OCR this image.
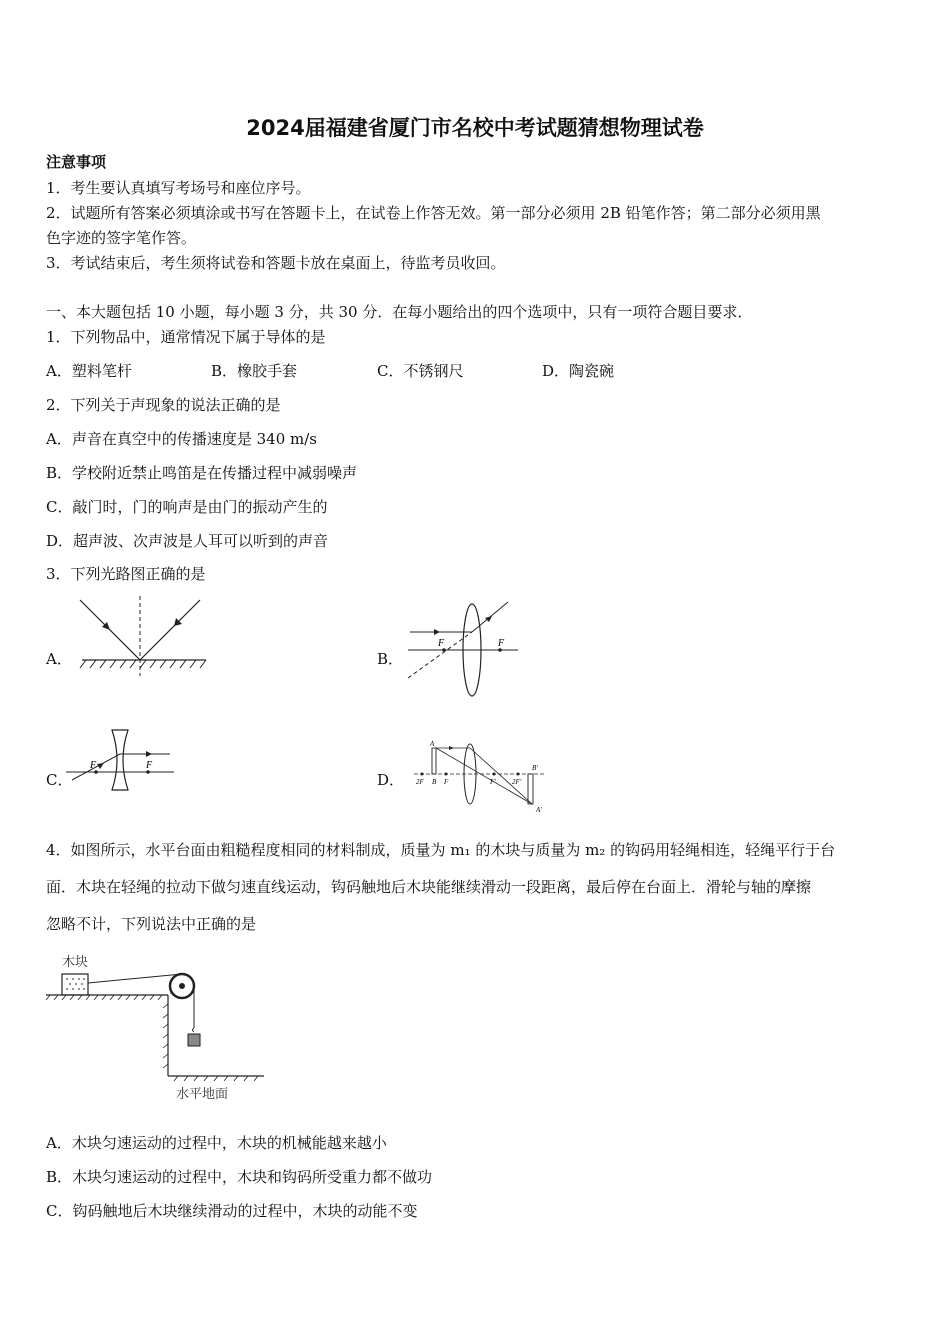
2024届福建省厦门市名校中考试题猜想物理试卷
注意事项
1．考生要认真填写考场号和座位序号。
2．试题所有答案必须填涂或书写在答题卡上，在试卷上作答无效。第一部分必须用 2B 铅笔作答；第二部分必须用黑
色字迹的签字笔作答。
3．考试结束后，考生须将试卷和答题卡放在桌面上，待监考员收回。
一、本大题包括 10 小题，每小题 3 分，共 30 分．在每小题给出的四个选项中，只有一项符合题目要求．
1．下列物品中，通常情况下属于导体的是
A．塑料笔杆	B．橡胶手套	C．不锈钢尺	D．陶瓷碗
2．下列关于声现象的说法正确的是
A．声音在真空中的传播速度是 340 m/s
B．学校附近禁止鸣笛是在传播过程中减弱噪声
C．敲门时，门的响声是由门的振动产生的
D．超声波、次声波是人耳可以听到的声音
3．下列光路图正确的是
A．	B．
C．	D．
F	F
F	F
A
B
2F	F	F' 2F'
B'
A'
4．如图所示，水平台面由粗糙程度相同的材料制成，质量为 m₁ 的木块与质量为 m₂ 的钩码用轻绳相连，轻绳平行于台
面．木块在轻绳的拉动下做匀速直线运动，钩码触地后木块能继续滑动一段距离，最后停在台面上．滑轮与轴的摩擦
忽略不计，下列说法中正确的是
木块
水平地面
A．木块匀速运动的过程中，木块的机械能越来越小
B．木块匀速运动的过程中，木块和钩码所受重力都不做功
C．钩码触地后木块继续滑动的过程中，木块的动能不变
